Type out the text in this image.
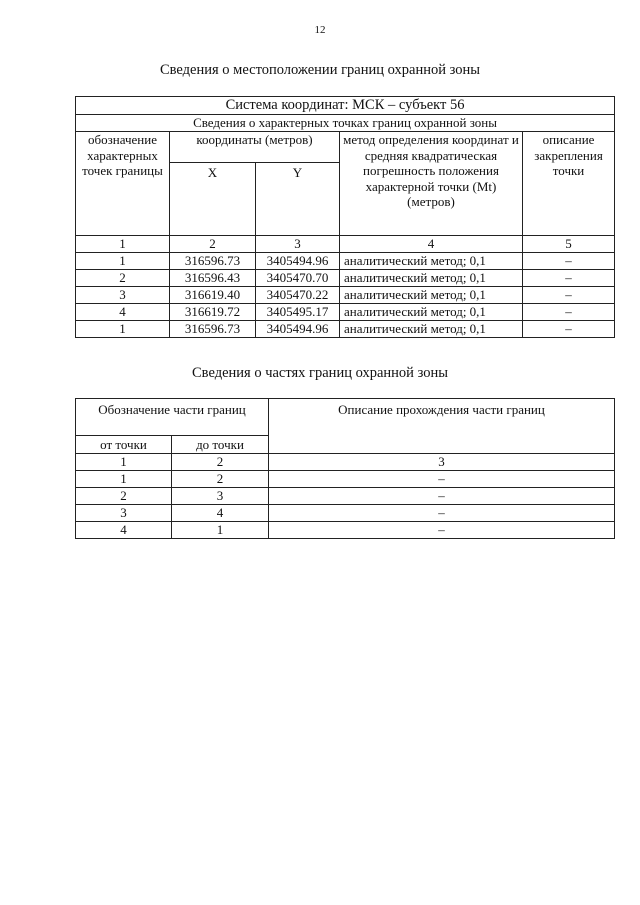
12
Сведения о местоположении границ охранной зоны
Система координат: МСК – субъект 56				
Сведения о характерных точках границ охранной зоны				
обозначение характерных точек границы	координаты (метров)		метод определения координат и средняя квадратическая погрешность положения характерной точки (Mt) (метров)	описание закрепления точки
	X	Y		
1	2	3	4	5
1	316596.73	3405494.96	аналитический метод; 0,1	–
2	316596.43	3405470.70	аналитический метод; 0,1	–
3	316619.40	3405470.22	аналитический метод; 0,1	–
4	316619.72	3405495.17	аналитический метод; 0,1	–
1	316596.73	3405494.96	аналитический метод; 0,1	–
Сведения о частях границ охранной зоны
Обозначение части границ		Описание прохождения части границ
от точки	до точки	
1	2	3
1	2	–
2	3	–
3	4	–
4	1	–
